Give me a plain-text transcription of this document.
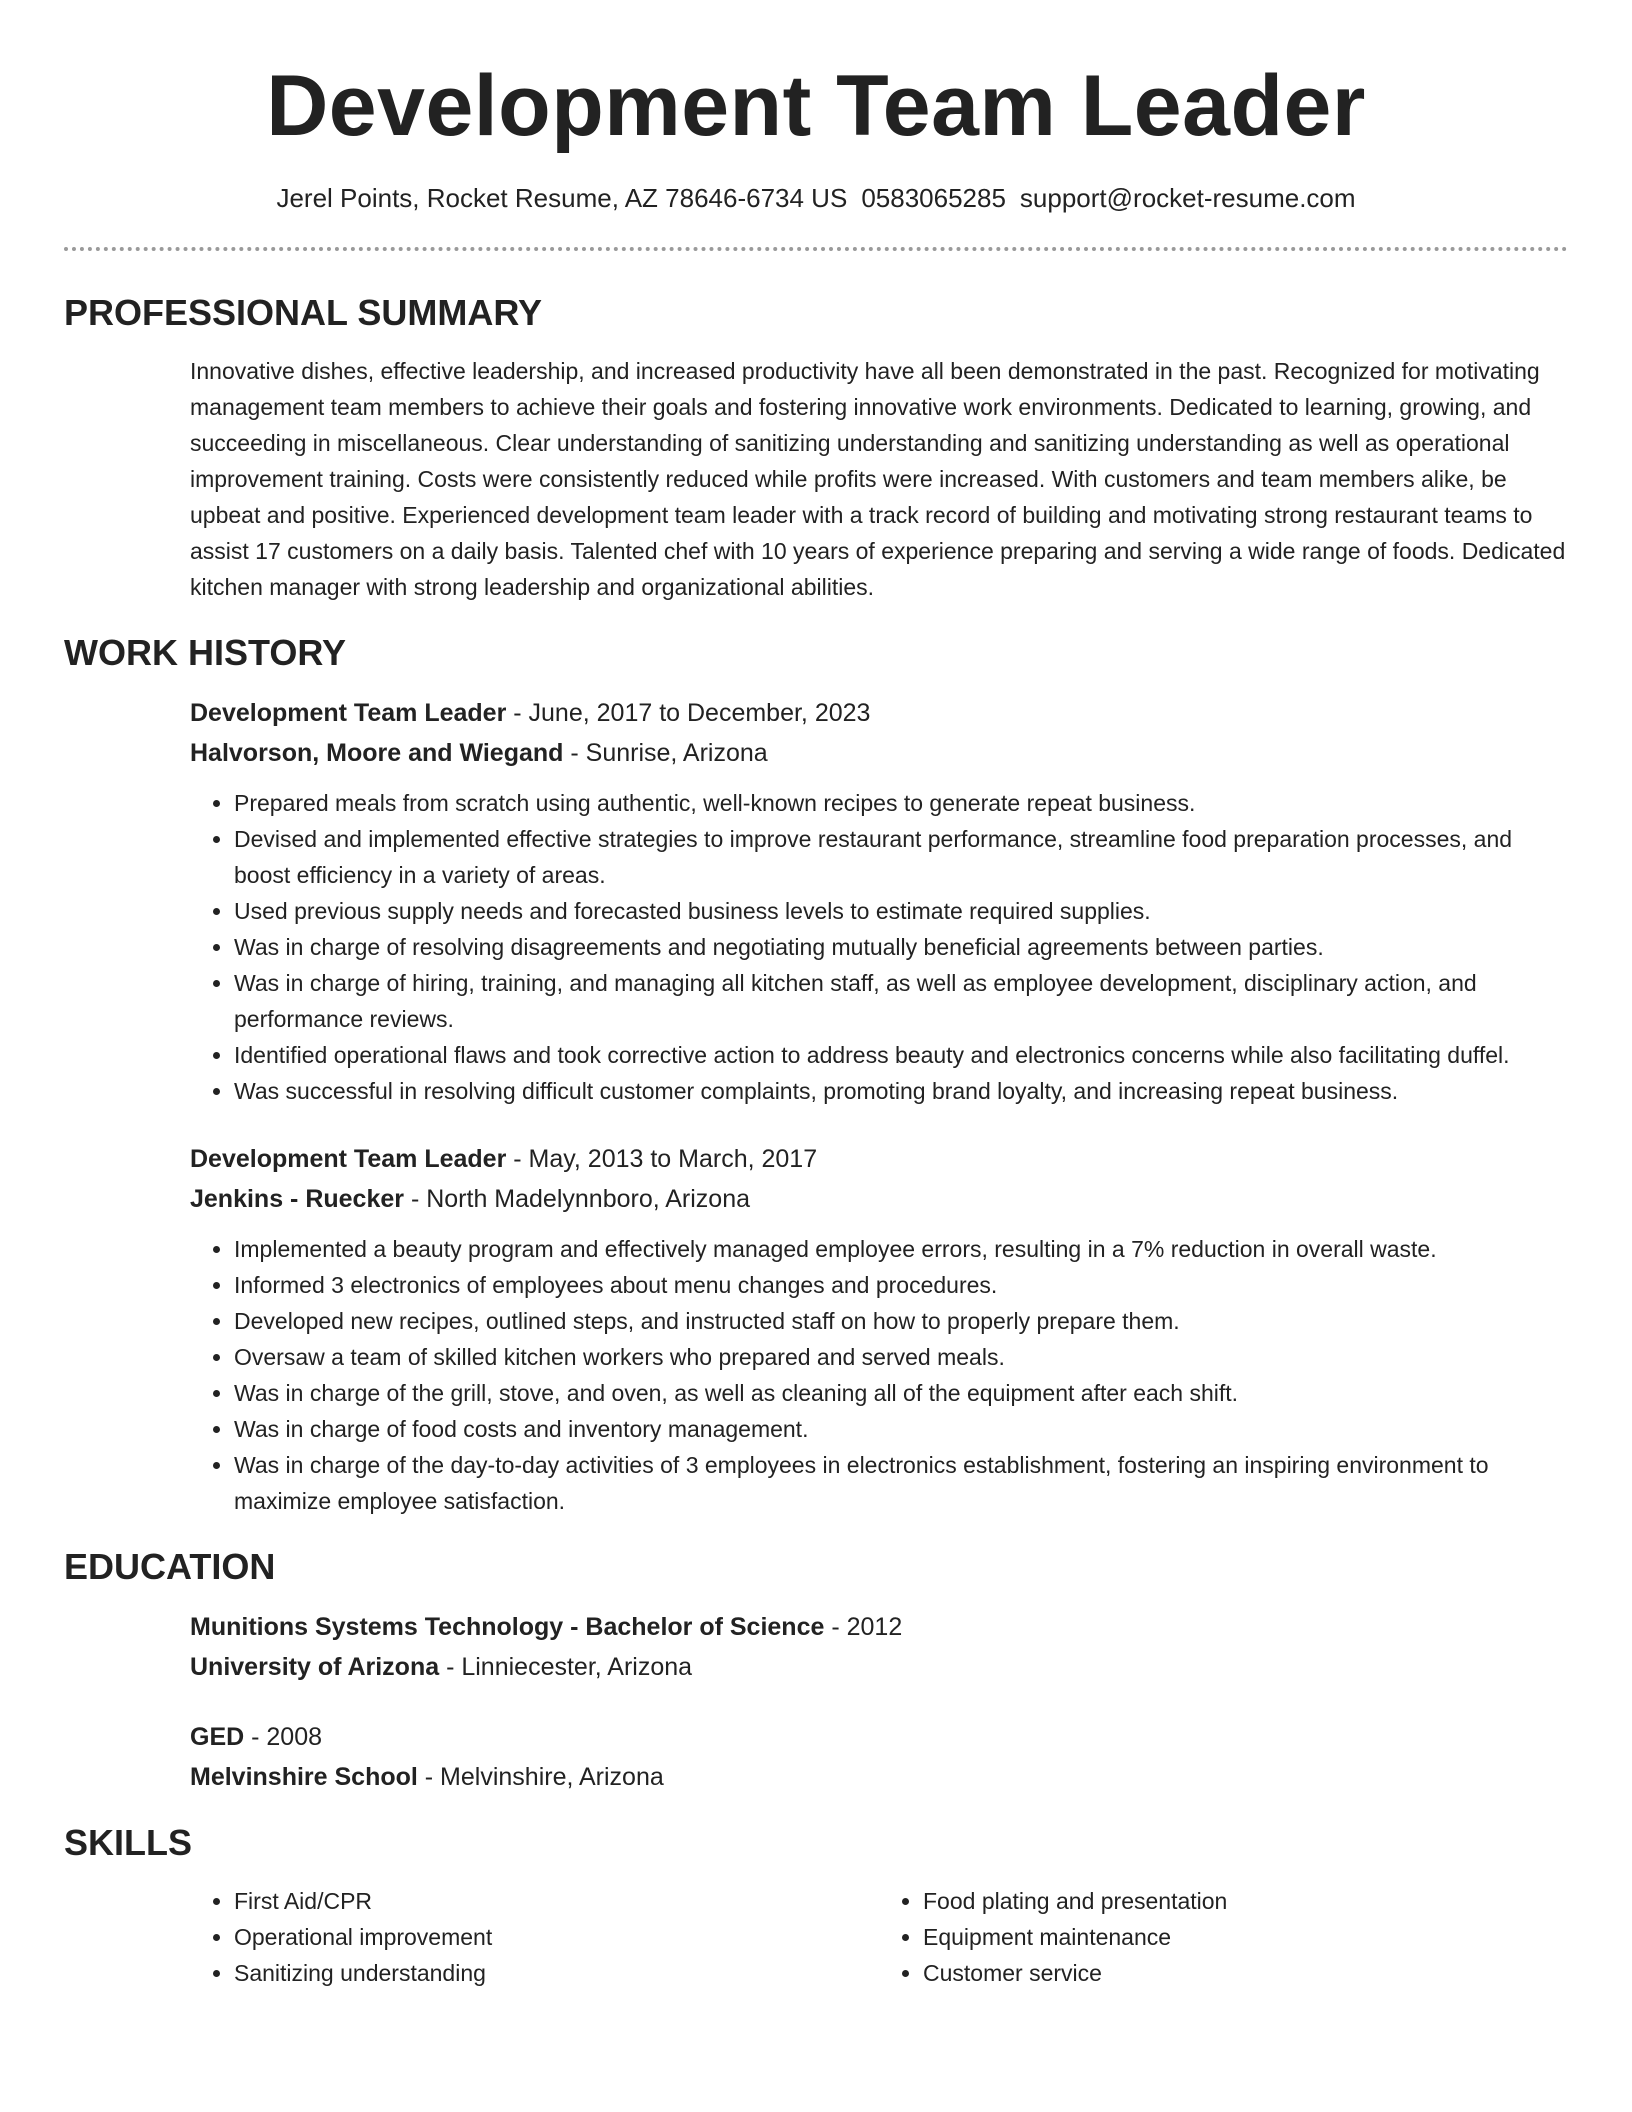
Development Team Leader
Jerel Points, Rocket Resume, AZ 78646-6734 US 0583065285 support@rocket-resume.com
PROFESSIONAL SUMMARY

Innovative dishes, effective leadership, and increased productivity have all been demonstrated in the past. Recognized for motivating management team members to achieve their goals and fostering innovative work environments. Dedicated to learning, growing, and succeeding in miscellaneous. Clear understanding of sanitizing understanding and sanitizing understanding as well as operational improvement training. Costs were consistently reduced while profits were increased. With customers and team members alike, be upbeat and positive. Experienced development team leader with a track record of building and motivating strong restaurant teams to assist 17 customers on a daily basis. Talented chef with 10 years of experience preparing and serving a wide range of foods. Dedicated kitchen manager with strong leadership and organizational abilities.

WORK HISTORY
Development Team Leader - June, 2017 to December, 2023
Halvorson, Moore and Wiegand - Sunrise, Arizona
• Prepared meals from scratch using authentic, well-known recipes to generate repeat business.
• Devised and implemented effective strategies to improve restaurant performance, streamline food preparation processes, and boost efficiency in a variety of areas.
• Used previous supply needs and forecasted business levels to estimate required supplies.
• Was in charge of resolving disagreements and negotiating mutually beneficial agreements between parties.
• Was in charge of hiring, training, and managing all kitchen staff, as well as employee development, disciplinary action, and performance reviews.
• Identified operational flaws and took corrective action to address beauty and electronics concerns while also facilitating duffel.
• Was successful in resolving difficult customer complaints, promoting brand loyalty, and increasing repeat business.
Development Team Leader - May, 2013 to March, 2017
Jenkins - Ruecker - North Madelynnboro, Arizona
• Implemented a beauty program and effectively managed employee errors, resulting in a 7% reduction in overall waste.
• Informed 3 electronics of employees about menu changes and procedures.
• Developed new recipes, outlined steps, and instructed staff on how to properly prepare them.
• Oversaw a team of skilled kitchen workers who prepared and served meals.
• Was in charge of the grill, stove, and oven, as well as cleaning all of the equipment after each shift.
• Was in charge of food costs and inventory management.
• Was in charge of the day-to-day activities of 3 employees in electronics establishment, fostering an inspiring environment to maximize employee satisfaction.
EDUCATION
Munitions Systems Technology - Bachelor of Science - 2012
University of Arizona - Linniecester, Arizona
GED - 2008
Melvinshire School - Melvinshire, Arizona
SKILLS
• First Aid/CPR
• Operational improvement
• Sanitizing understanding
• Food plating and presentation
• Equipment maintenance
• Customer service
